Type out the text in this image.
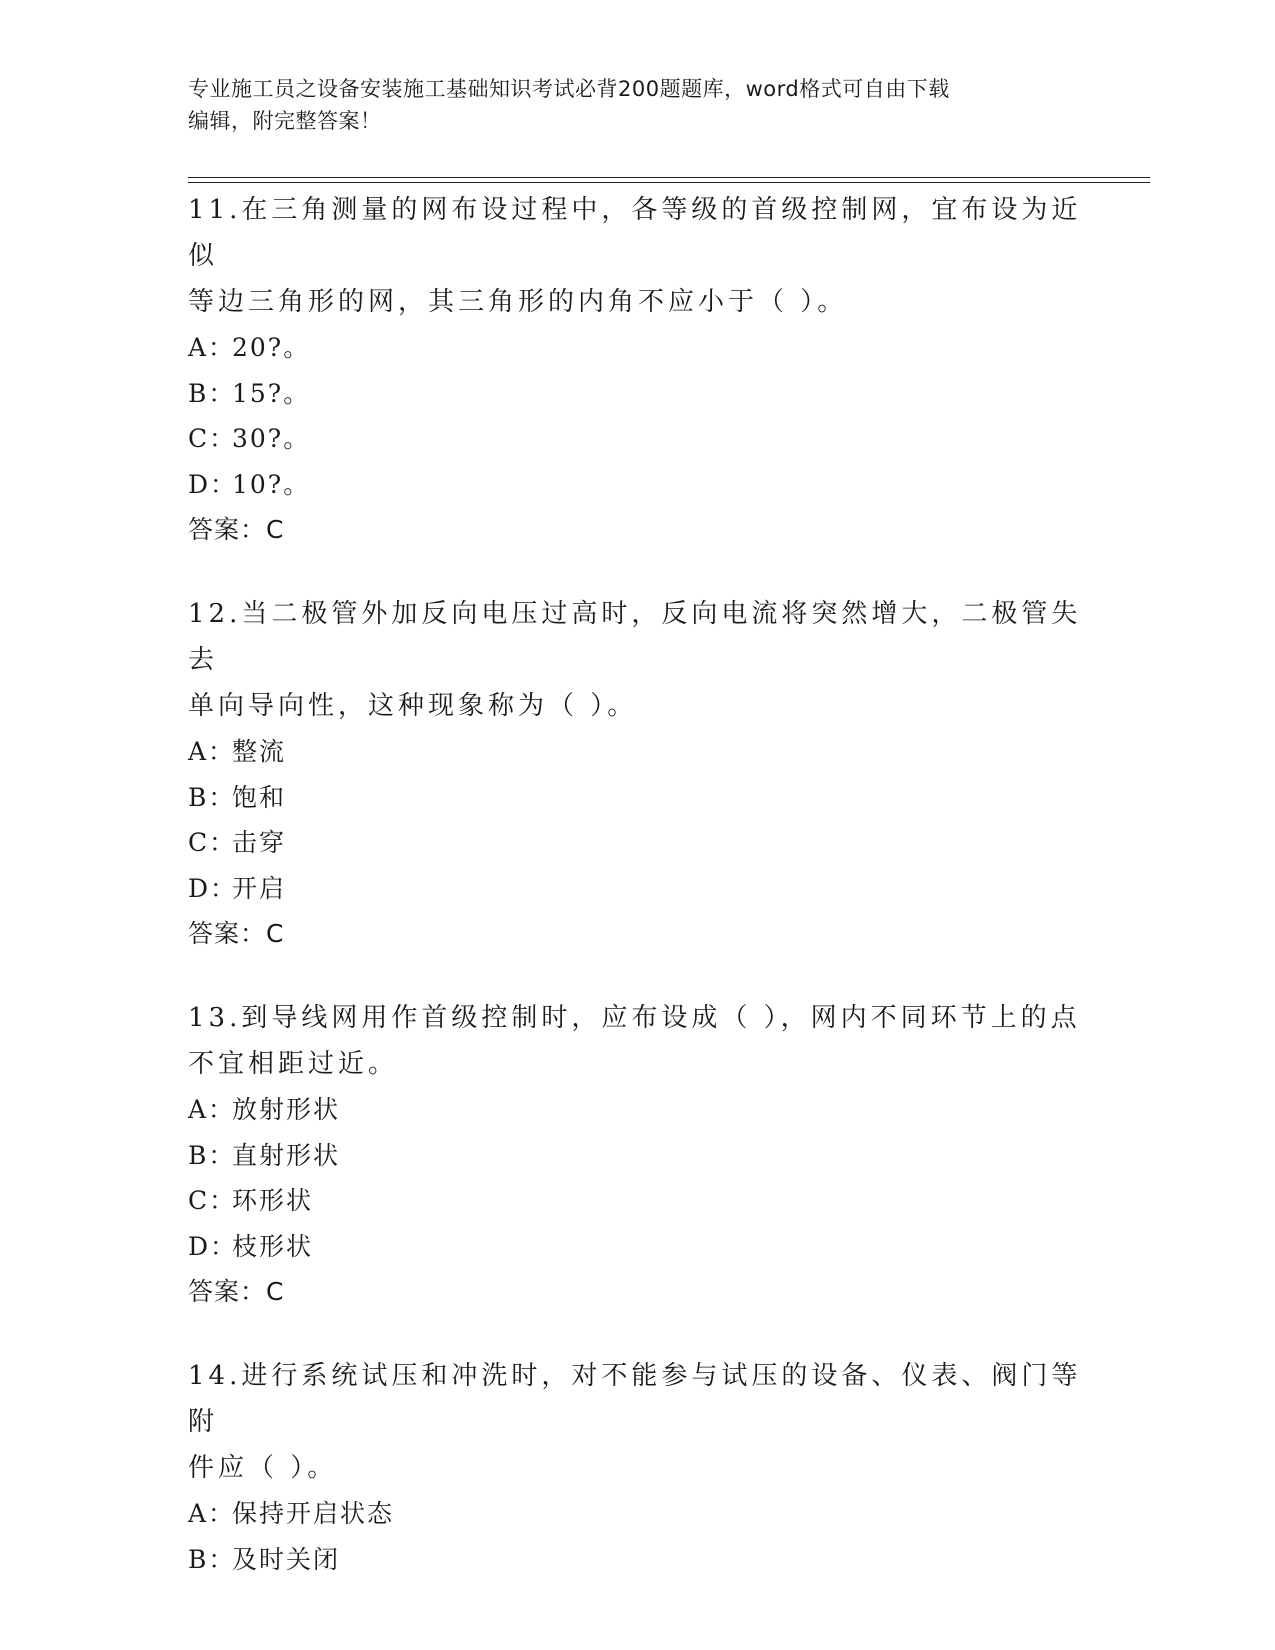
专业施工员之设备安装施工基础知识考试必背200题题库，word格式可自由下载
编辑，附完整答案！

11.在三角测量的网布设过程中，各等级的首级控制网，宜布设为近似

等边三角形的网，其三角形的内角不应小于（ ）。

A：20?。

B：15?。

C：30?。

D：10?。

答案：C

12.当二极管外加反向电压过高时，反向电流将突然增大，二极管失去

单向导向性，这种现象称为（ ）。

A：整流

B：饱和

C：击穿

D：开启

答案：C

13.到导线网用作首级控制时，应布设成（ ），网内不同环节上的点

不宜相距过近。

A：放射形状

B：直射形状

C：环形状

D：枝形状

答案：C

14.进行系统试压和冲洗时，对不能参与试压的设备、仪表、阀门等附

件应（ ）。

A：保持开启状态

B：及时关闭
